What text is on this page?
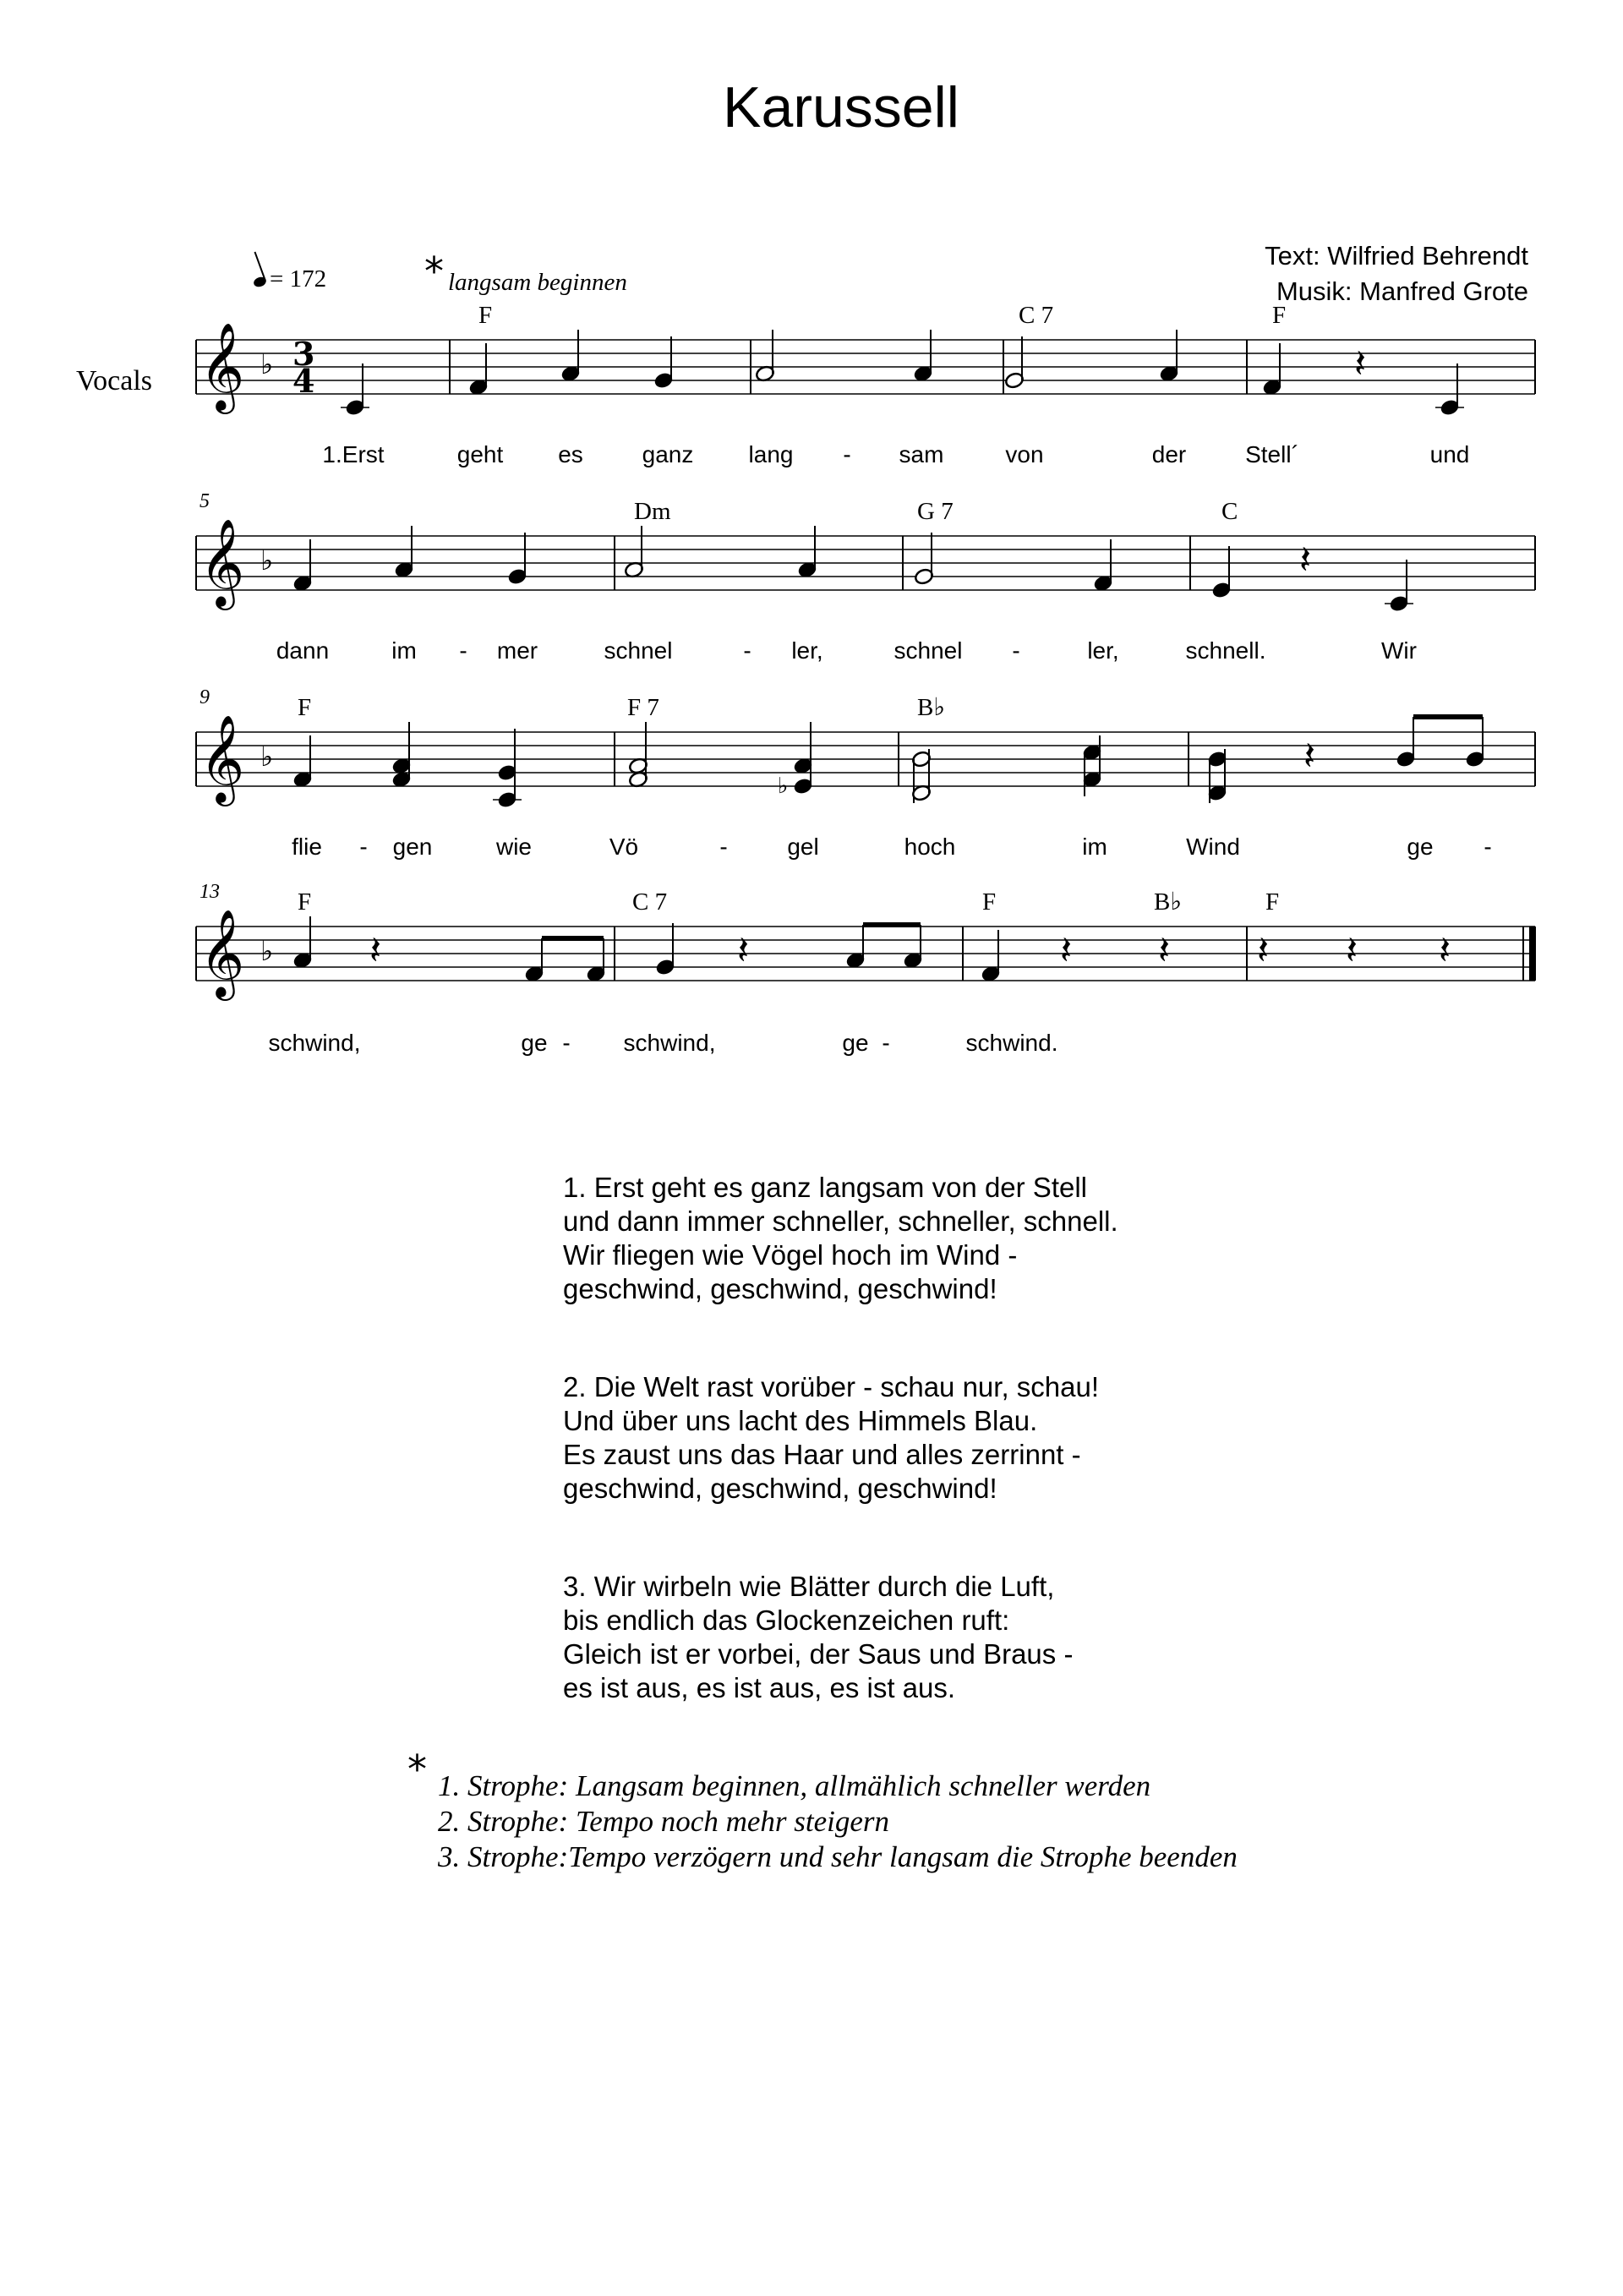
Karussell
Text: Wilfried Behrendt
Musik: Manfred Grote
= 172	* langsam beginnen
Vocals 𝄞 ♭
𝄞 ♭
𝄞 ♭
𝄞 ♭
3
4
5
9
13
F	C 7	F
Dm	G 7	C
F	F 7	B♭
F	C 7	F	B♭	F
𝄽
𝄽
♭
𝄽
𝄽	𝄽	𝄽 𝄽 𝄽 𝄽 𝄽
1.Erst	geht es ganz lang - sam	von	der Stell´	und
dann	im - mer	schnel	- ler,	schnel -	ler,	schnell.	Wir
flie - gen	wie	Vö	-	gel	hoch	im	Wind	ge -
schwind,	ge - schwind,	ge -	schwind.
1. Erst geht es ganz langsam von der Stell
und dann immer schneller, schneller, schnell.
Wir fliegen wie Vögel hoch im Wind -
geschwind, geschwind, geschwind!
2. Die Welt rast vorüber - schau nur, schau!
Und über uns lacht des Himmels Blau.
Es zaust uns das Haar und alles zerrinnt -
geschwind, geschwind, geschwind!
3. Wir wirbeln wie Blätter durch die Luft,
bis endlich das Glockenzeichen ruft:
Gleich ist er vorbei, der Saus und Braus -
es ist aus, es ist aus, es ist aus.
* 1. Strophe: Langsam beginnen, allmählich schneller werden
2. Strophe: Tempo noch mehr steigern
3. Strophe:Tempo verzögern und sehr langsam die Strophe beenden
